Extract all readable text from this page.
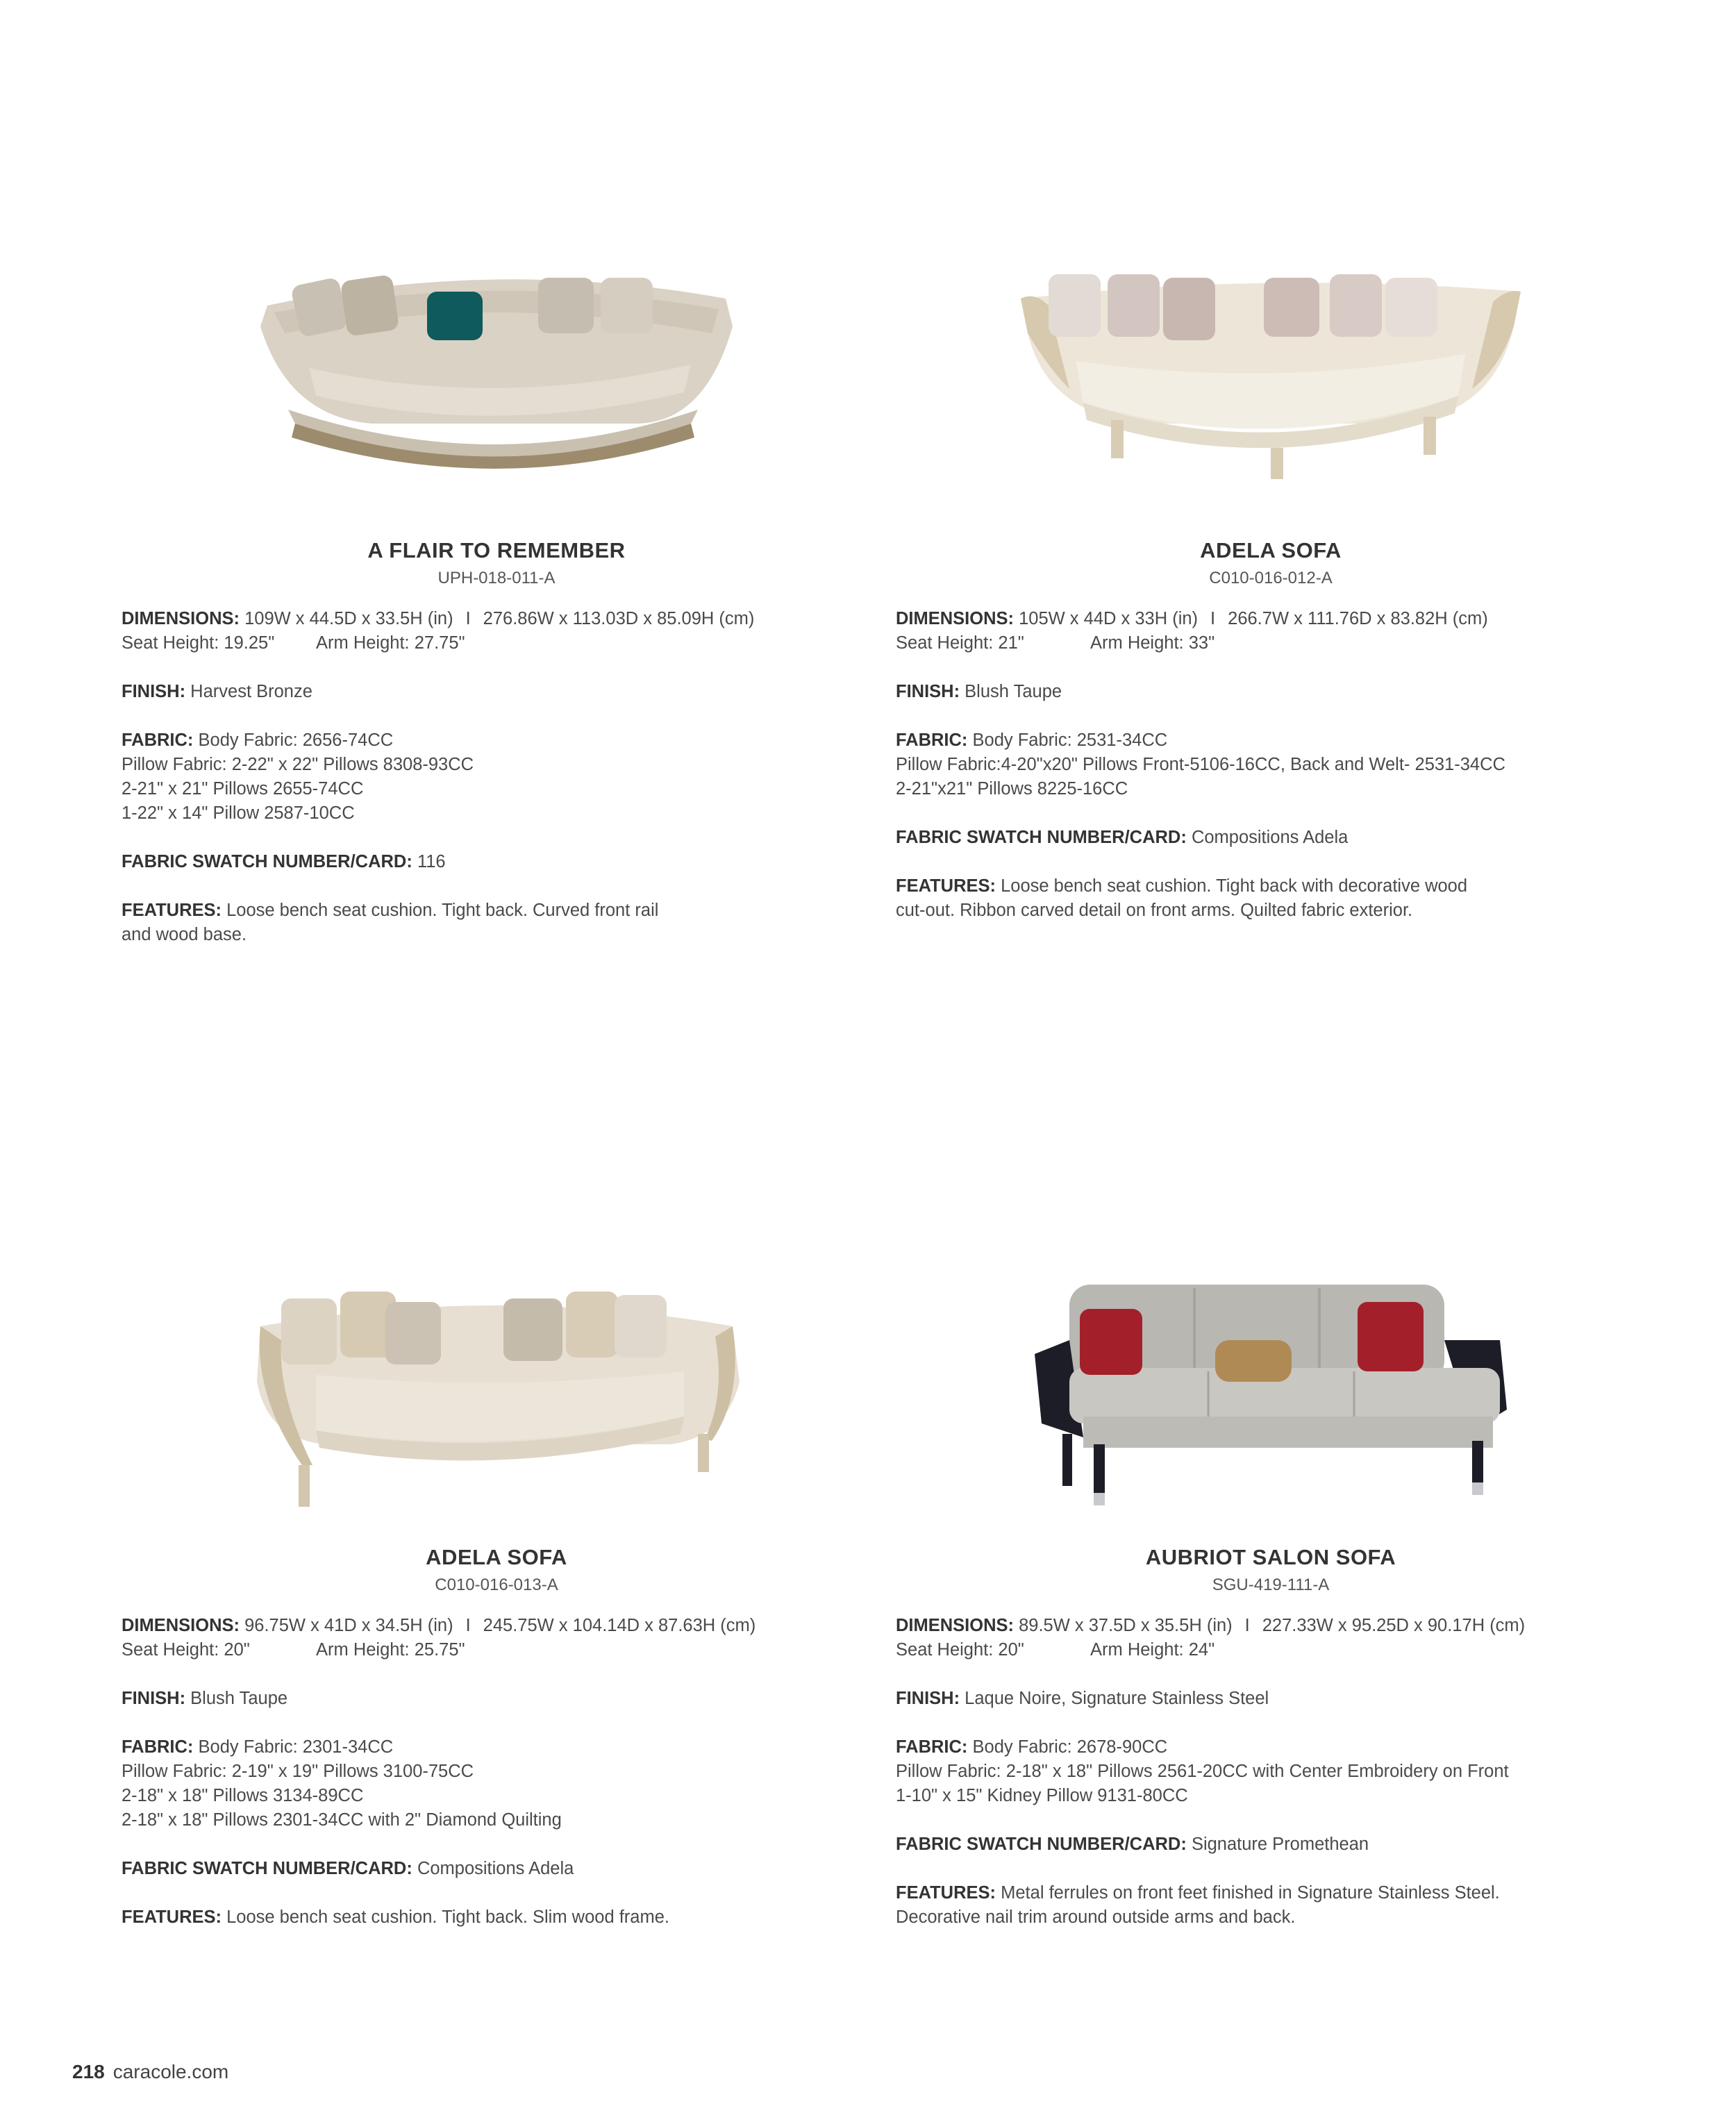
A FLAIR TO REMEMBER
UPH-018-011-A

DIMENSIONS: 109W x 44.5D x 33.5H (in) I 276.86W x 113.03D x 85.09H (cm)
Seat Height: 19.25" Arm Height: 27.75"

FINISH: Harvest Bronze

FABRIC: Body Fabric: 2656-74CC
Pillow Fabric: 2-22" x 22" Pillows 8308-93CC
2-21" x 21" Pillows 2655-74CC
1-22" x 14" Pillow 2587-10CC

FABRIC SWATCH NUMBER/CARD: 116

FEATURES: Loose bench seat cushion. Tight back. Curved front rail
and wood base.

ADELA SOFA
C010-016-012-A

DIMENSIONS: 105W x 44D x 33H (in) I 266.7W x 111.76D x 83.82H (cm)
Seat Height: 21"	Arm Height: 33"

FINISH: Blush Taupe

FABRIC: Body Fabric: 2531-34CC
Pillow Fabric:4-20"x20" Pillows Front-5106-16CC, Back and Welt- 2531-34CC
2-21"x21" Pillows 8225-16CC

FABRIC SWATCH NUMBER/CARD: Compositions Adela

FEATURES: Loose bench seat cushion. Tight back with decorative wood
cut-out. Ribbon carved detail on front arms. Quilted fabric exterior.

ADELA SOFA
C010-016-013-A

DIMENSIONS: 96.75W x 41D x 34.5H (in) I 245.75W x 104.14D x 87.63H (cm)
Seat Height: 20"	Arm Height: 25.75"

FINISH: Blush Taupe

FABRIC: Body Fabric: 2301-34CC
Pillow Fabric: 2-19" x 19" Pillows 3100-75CC
2-18" x 18" Pillows 3134-89CC
2-18" x 18" Pillows 2301-34CC with 2" Diamond Quilting

FABRIC SWATCH NUMBER/CARD: Compositions Adela

FEATURES: Loose bench seat cushion. Tight back. Slim wood frame.

AUBRIOT SALON SOFA
SGU-419-111-A

DIMENSIONS: 89.5W x 37.5D x 35.5H (in) I 227.33W x 95.25D x 90.17H (cm)
Seat Height: 20"	Arm Height: 24"

FINISH: Laque Noire, Signature Stainless Steel

FABRIC: Body Fabric: 2678-90CC
Pillow Fabric: 2-18" x 18" Pillows 2561-20CC with Center Embroidery on Front
1-10" x 15" Kidney Pillow 9131-80CC

FABRIC SWATCH NUMBER/CARD: Signature Promethean

FEATURES: Metal ferrules on front feet finished in Signature Stainless Steel.
Decorative nail trim around outside arms and back.

218 caracole.com
